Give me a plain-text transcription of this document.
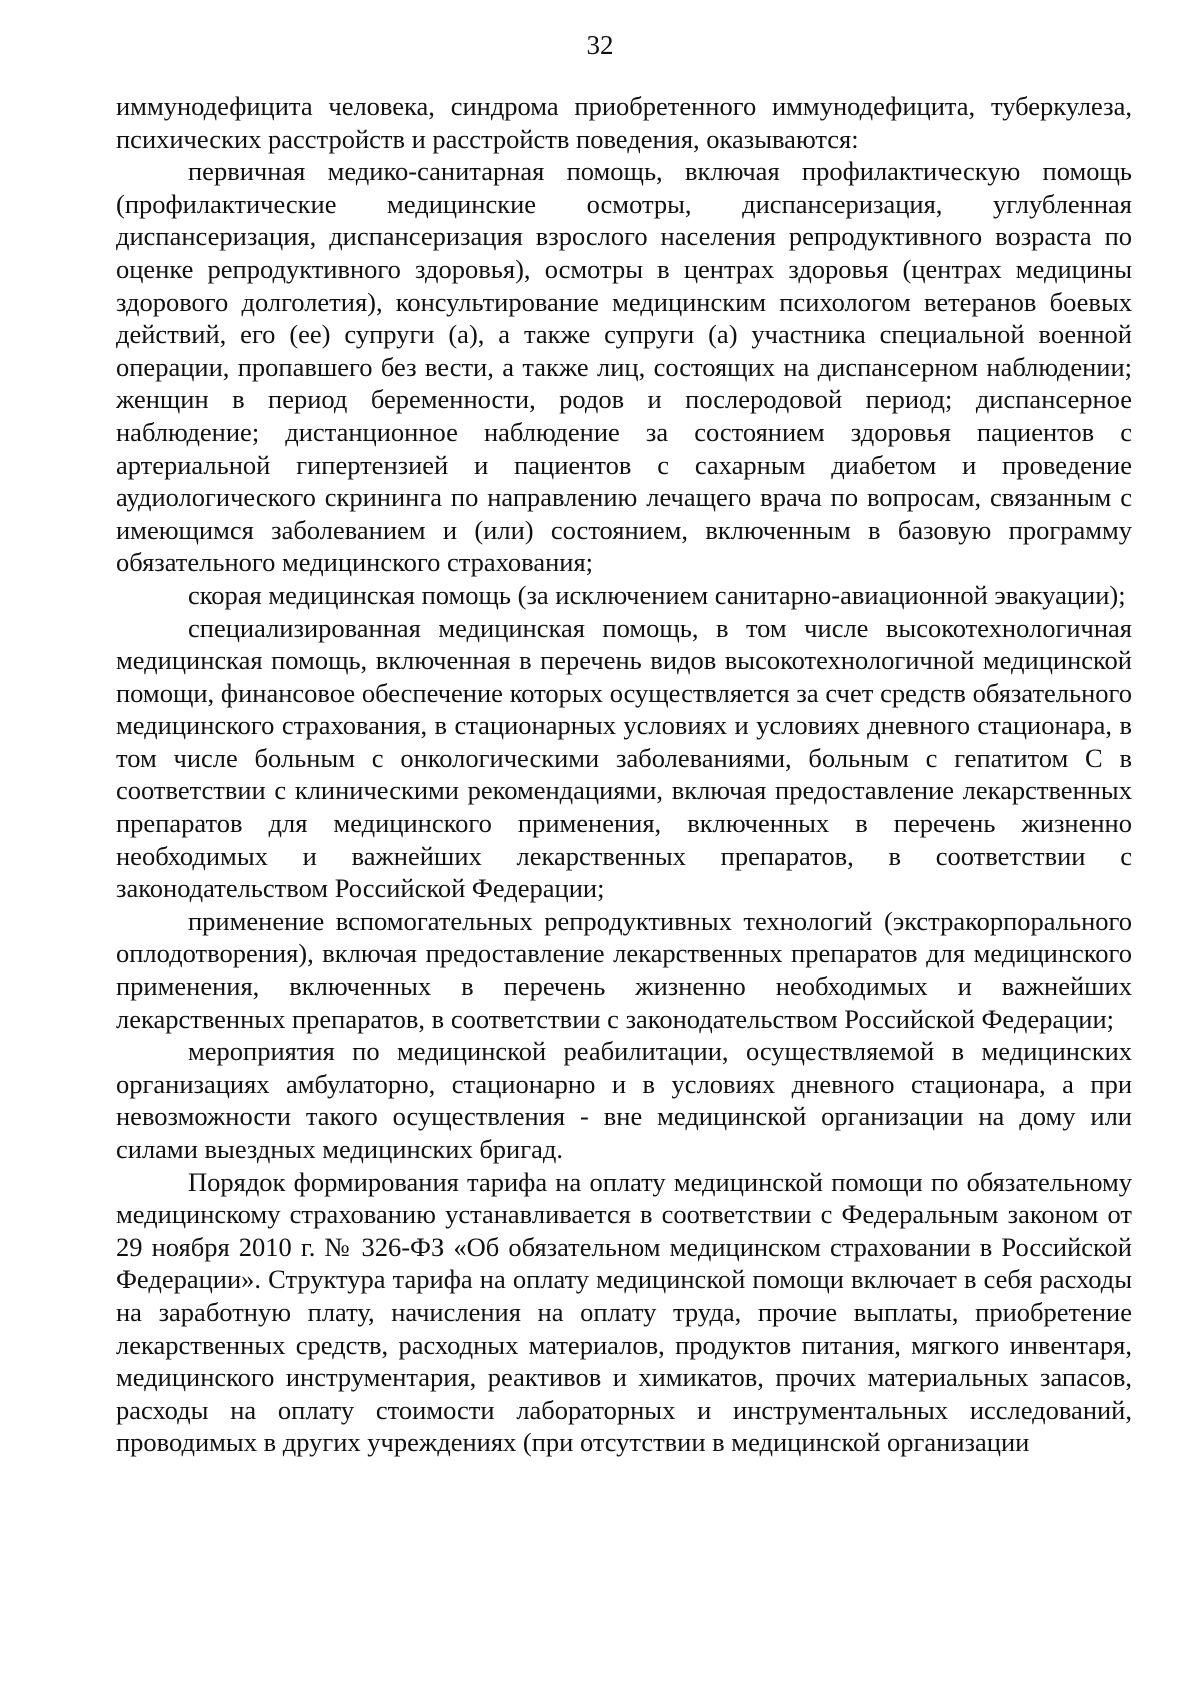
32

иммунодефицита человека, синдрома приобретенного иммунодефицита, туберкулеза, психических расстройств и расстройств поведения, оказываются:

первичная медико-санитарная помощь, включая профилактическую помощь (профилактические медицинские осмотры, диспансеризация, углубленная диспансеризация, диспансеризация взрослого населения репродуктивного возраста по оценке репродуктивного здоровья), осмотры в центрах здоровья (центрах медицины здорового долголетия), консультирование медицинским психологом ветеранов боевых действий, его (ее) супруги (а), а также супруги (а) участника специальной военной операции, пропавшего без вести, а также лиц, состоящих на диспансерном наблюдении; женщин в период беременности, родов и послеродовой период; диспансерное наблюдение; дистанционное наблюдение за состоянием здоровья пациентов с артериальной гипертензией и пациентов с сахарным диабетом и проведение аудиологического скрининга по направлению лечащего врача по вопросам, связанным с имеющимся заболеванием и (или) состоянием, включенным в базовую программу обязательного медицинского страхования;

скорая медицинская помощь (за исключением санитарно-авиационной эвакуации);

специализированная медицинская помощь, в том числе высокотехнологичная медицинская помощь, включенная в перечень видов высокотехнологичной медицинской помощи, финансовое обеспечение которых осуществляется за счет средств обязательного медицинского страхования, в стационарных условиях и условиях дневного стационара, в том числе больным с онкологическими заболеваниями, больным с гепатитом С в соответствии с клиническими рекомендациями, включая предоставление лекарственных препаратов для медицинского применения, включенных в перечень жизненно необходимых и важнейших лекарственных препаратов, в соответствии с законодательством Российской Федерации;

применение вспомогательных репродуктивных технологий (экстракорпорального оплодотворения), включая предоставление лекарственных препаратов для медицинского применения, включенных в перечень жизненно необходимых и важнейших лекарственных препаратов, в соответствии с законодательством Российской Федерации;

мероприятия по медицинской реабилитации, осуществляемой в медицинских организациях амбулаторно, стационарно и в условиях дневного стационара, а при невозможности такого осуществления - вне медицинской организации на дому или силами выездных медицинских бригад.

Порядок формирования тарифа на оплату медицинской помощи по обязательному медицинскому страхованию устанавливается в соответствии с Федеральным законом от 29 ноября 2010 г. № 326-ФЗ «Об обязательном медицинском страховании в Российской Федерации». Структура тарифа на оплату медицинской помощи включает в себя расходы на заработную плату, начисления на оплату труда, прочие выплаты, приобретение лекарственных средств, расходных материалов, продуктов питания, мягкого инвентаря, медицинского инструментария, реактивов и химикатов, прочих материальных запасов, расходы на оплату стоимости лабораторных и инструментальных исследований, проводимых в других учреждениях (при отсутствии в медицинской организации
